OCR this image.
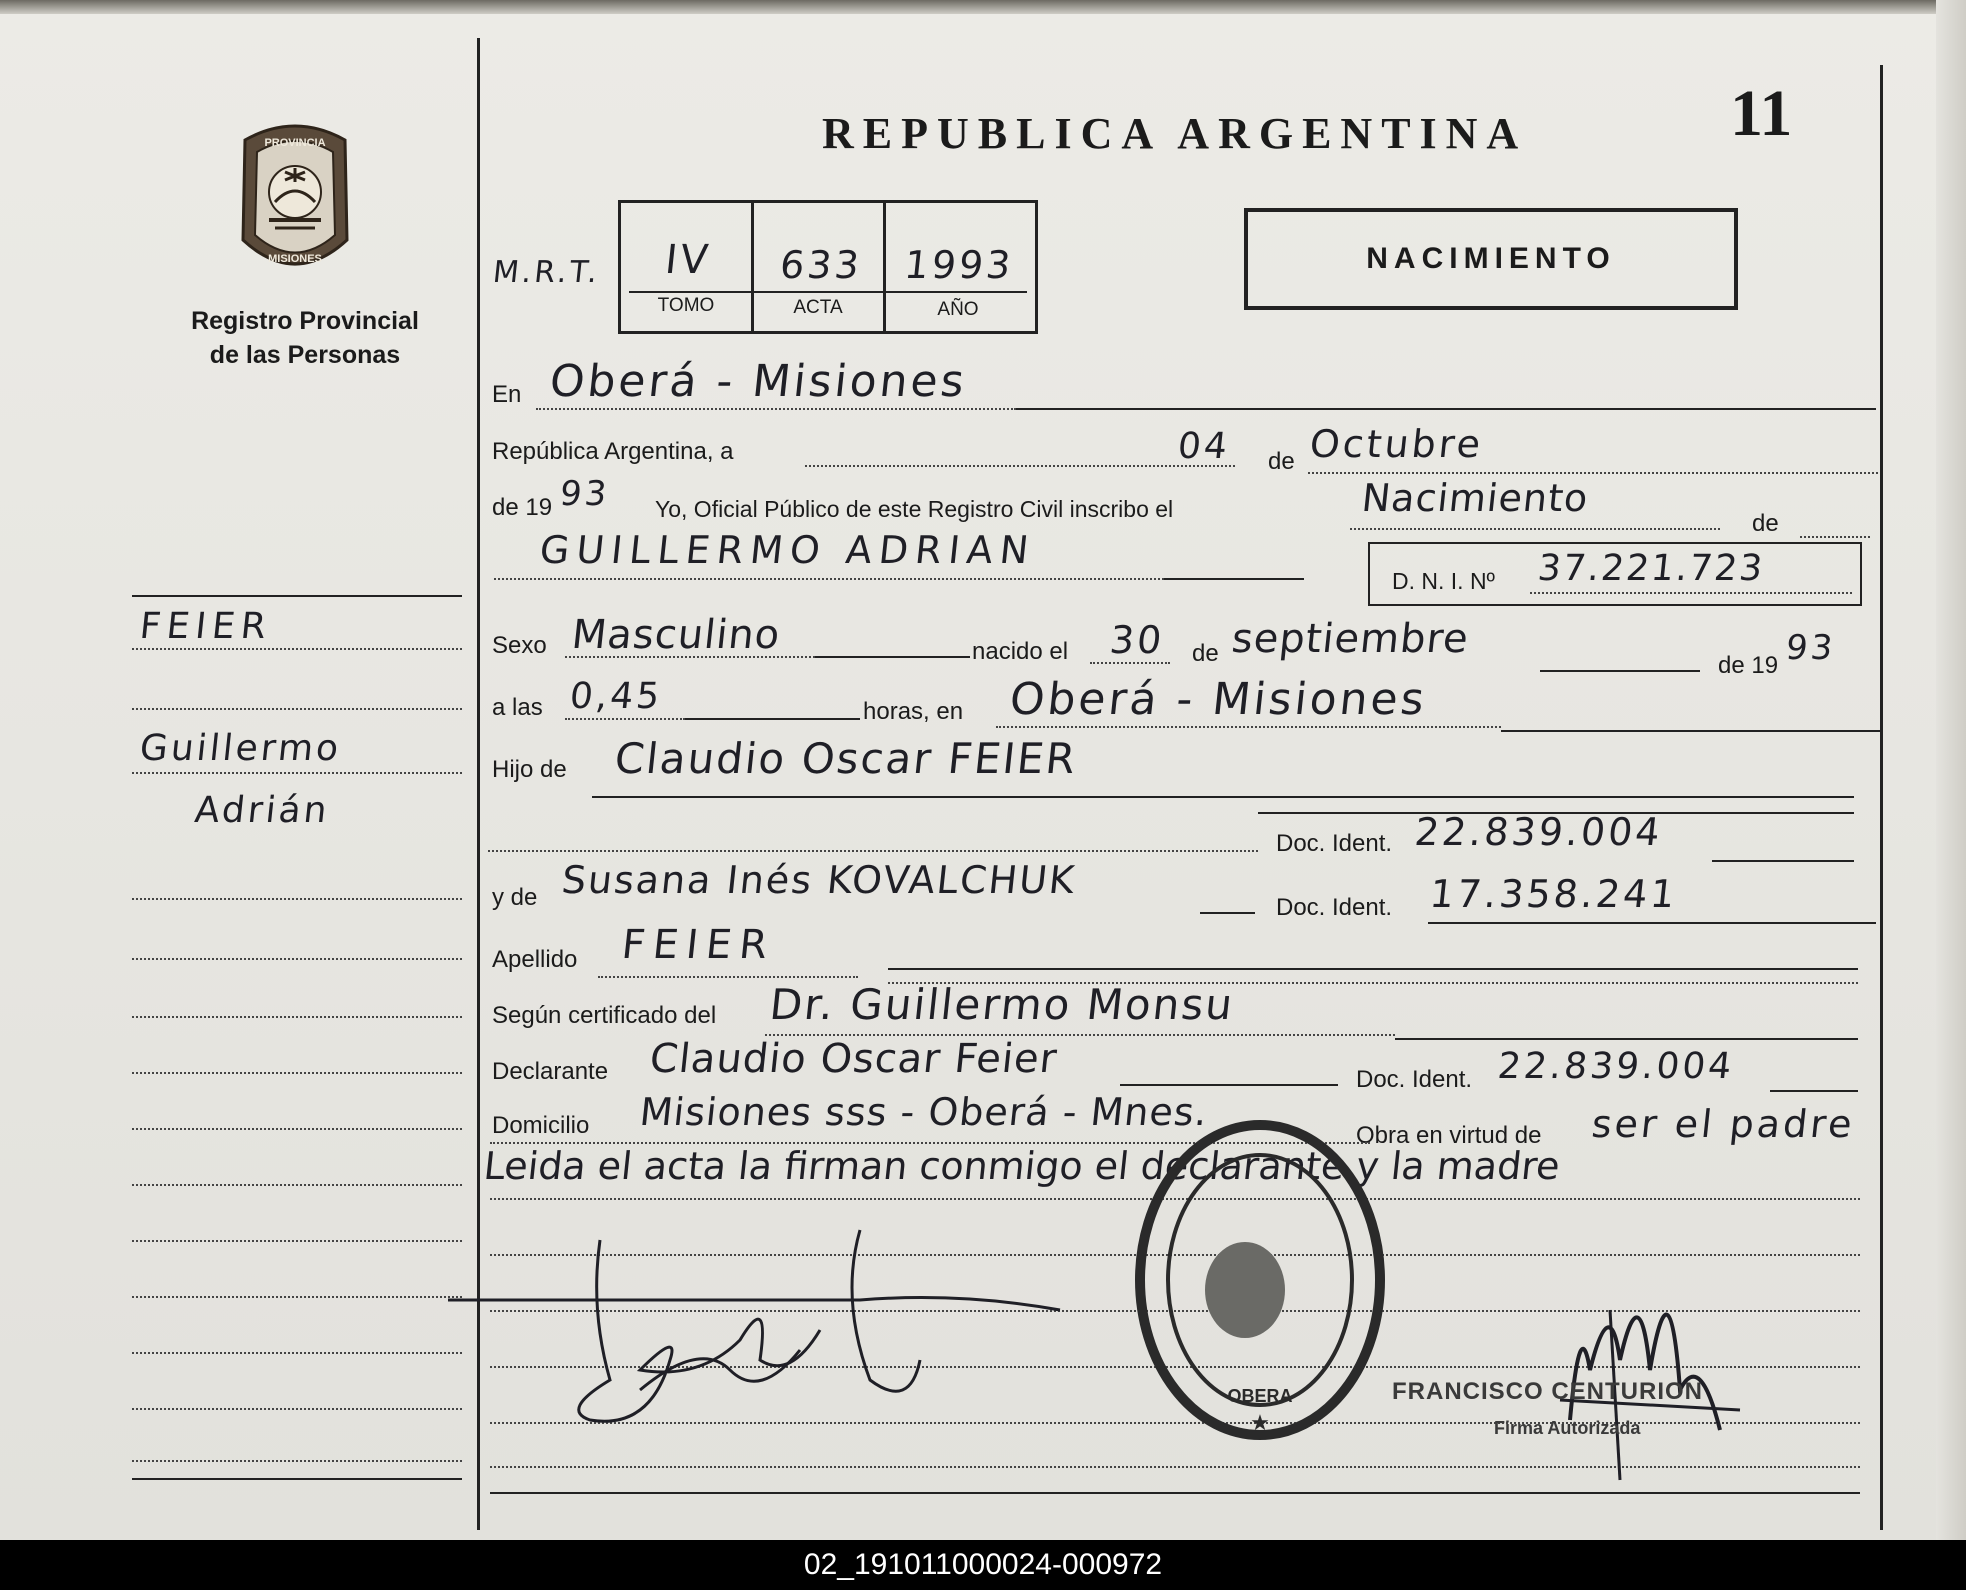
PROVINCIA
MISIONES
Registro Provincial
de las Personas
REPUBLICA ARGENTINA	11
NACIMIENTO
M.R.T.	IV	633	1993
TOMO	ACTA	AÑO
FEIER
Guillermo
Adrián
En Oberá - Misiones
República Argentina, a	04 de Octubre
de 19 93 Yo, Oficial Público de este Registro Civil inscribo el	Nacimiento
de
GUILLERMO ADRIAN
D. N. I. Nº 37.221.723
Sexo Masculino	nacido el 30 de septiembre
de 19 93
a las 0,45	horas, en Oberá - Misiones
Hijo de Claudio Oscar FEIER
Doc. Ident. 22.839.004
y de Susana Inés KOVALCHUK
Doc. Ident. 17.358.241
Apellido FEIER
Según certificado del Dr. Guillermo Monsu
Declarante Claudio Oscar Feier	Doc. Ident. 22.839.004
Domicilio Misiones sss - Oberá - Mnes.
Obra en virtud de ser el padre
Leida el acta la firman conmigo el declarante y la madre
OBERA
★
FRANCISCO CENTURION
Firma Autorizada
02_191011000024-000972
